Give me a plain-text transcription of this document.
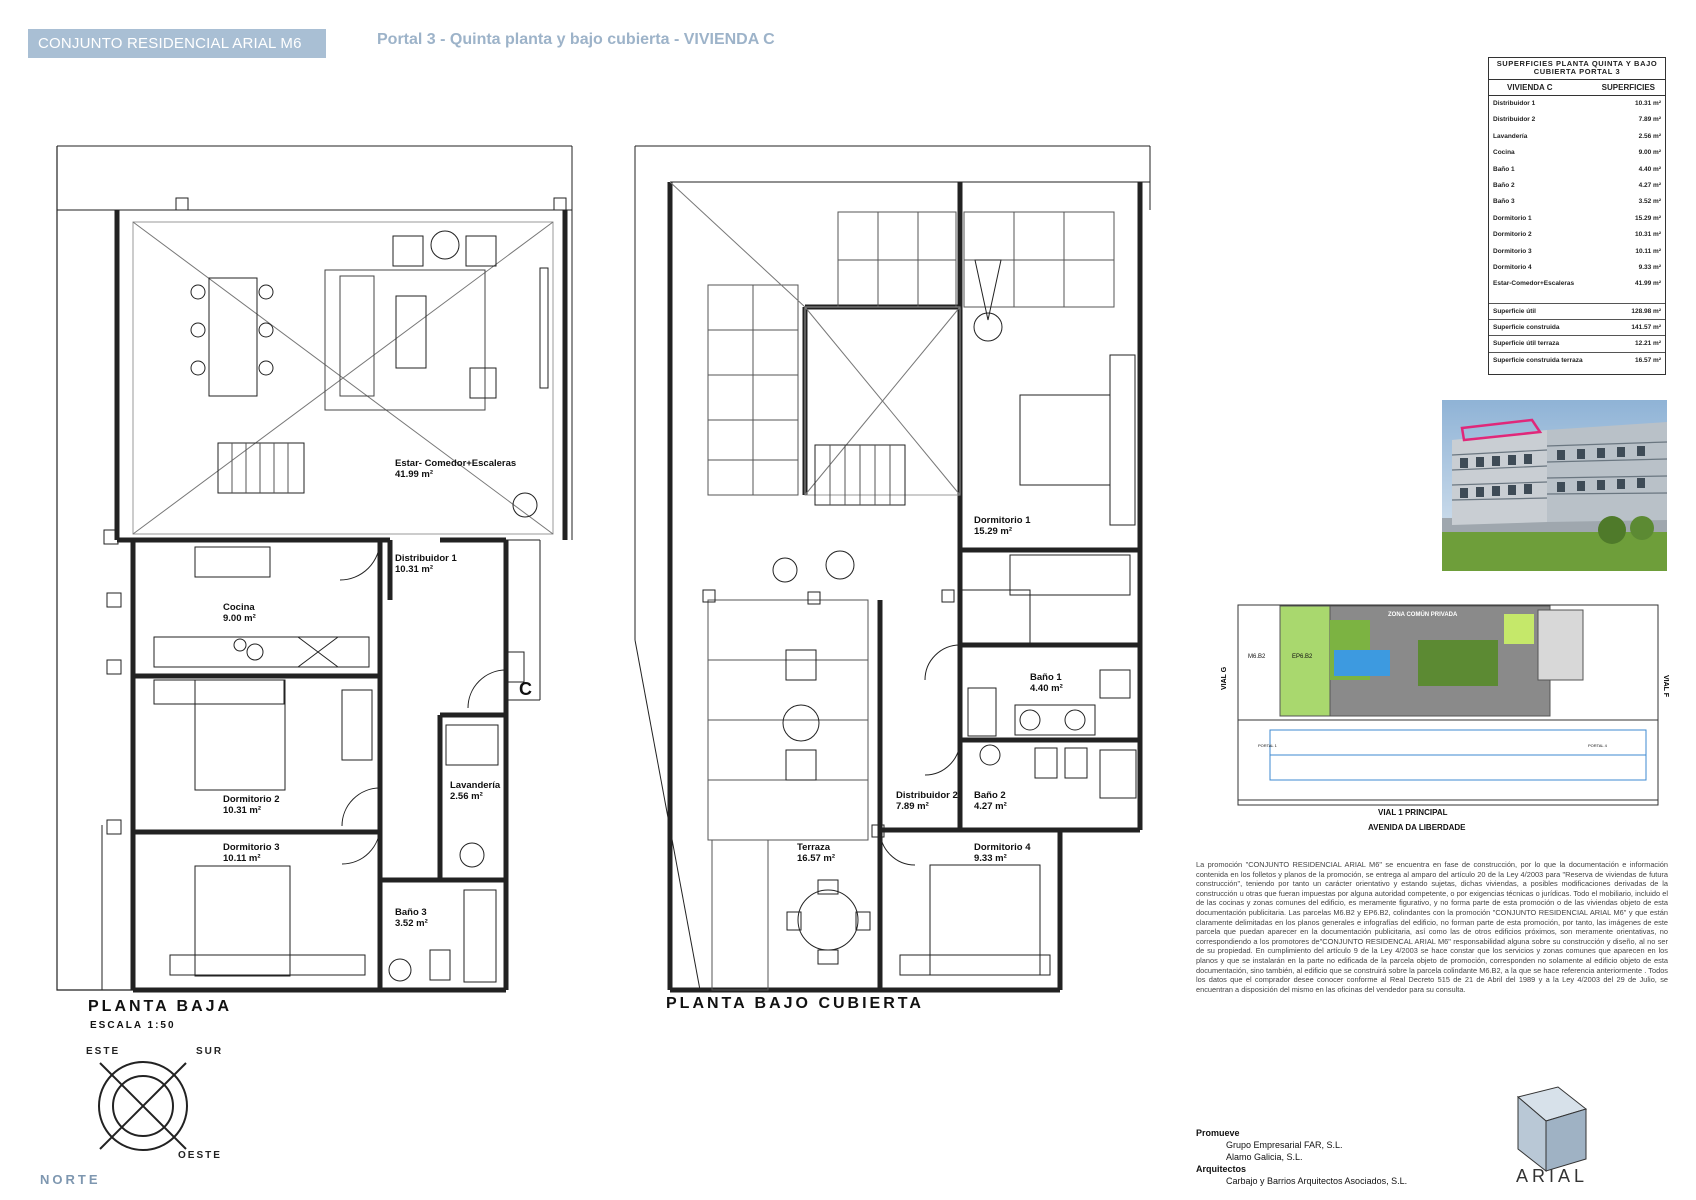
CONJUNTO RESIDENCIAL ARIAL M6	Portal 3 - Quinta planta y bajo cubierta - VIVIENDA C
C
Estar- Comedor+Escaleras
41.99 m²
Distribuidor 1
10.31 m²
Cocina
9.00 m²
Lavandería
2.56 m²
Dormitorio 2
10.31 m²
Dormitorio 3
10.11 m²
Baño 3
3.52 m²
Dormitorio 1
15.29 m²
Baño 1
4.40 m²
Baño 2
4.27 m²
Distribuidor 2
7.89 m²
Terraza
16.57 m²
Dormitorio 4
9.33 m²
PLANTA BAJA
ESCALA 1:50
PLANTA BAJO CUBIERTA
ESTE	SUR
OESTE
NORTE
SUPERFICIES PLANTA QUINTA Y BAJO CUBIERTA PORTAL 3
VIVIENDA C	SUPERFICIES
Distribuidor 1	10.31 m²
Distribuidor 2	7.89 m²
Lavandería	2.56 m²
Cocina	9.00 m²
Baño 1	4.40 m²
Baño 2	4.27 m²
Baño 3	3.52 m²
Dormitorio 1	15.29 m²
Dormitorio 2	10.31 m²
Dormitorio 3	10.11 m²
Dormitorio 4	9.33 m²
Estar-Comedor+Escaleras	41.99 m²
Superficie útil	128.98 m²
Superficie construida	141.57 m²
Superficie útil terraza	12.21 m²
Superficie construida terraza	16.57 m²
ZONA COMÚN PRIVADA
M6.B2	EP6.B2
VIAL 1 PRINCIPAL
AVENIDA DA LIBERDADE
PORTAL 1	PORTAL 4
VIAL G	VIAL F
La promoción "CONJUNTO RESIDENCIAL ARIAL M6" se encuentra en fase de construcción, por lo que la documentación e información contenida en los folletos y planos de la promoción, se entrega al amparo del artículo 20 de la Ley 4/2003 para "Reserva de viviendas de futura construcción", teniendo por tanto un carácter orientativo y estando sujetas, dichas viviendas, a posibles modificaciones derivadas de la construcción u otras que fueran impuestas por alguna autoridad competente, o por exigencias técnicas o jurídicas. Todo el mobiliario, incluido el de las cocinas y zonas comunes del edificio, es meramente figurativo, y no forma parte de esta promoción o de las viviendas objeto de esta documentación publicitaria. Las parcelas M6.B2 y EP6.B2, colindantes con la promoción "CONJUNTO RESIDENCIAL ARIAL M6" y que están claramente delimitadas en los planos generales e infografías del edificio, no forman parte de esta promoción, por tanto, las imágenes de este parcela que puedan aparecer en la documentación publicitaria, así como las de otros edificios próximos, son meramente orientativas, no correspondiendo a los promotores de"CONJUNTO RESIDENCAL ARIAL M6" responsabilidad alguna sobre su construcción y diseño, al no ser de su propiedad. En cumplimiento del artículo 9 de la Ley 4/2003 se hace constar que los servicios y zonas comunes que aparecen en los planos y que se instalarán en la parte no edificada de la parcela objeto de promoción, corresponden no solamente al edificio objeto de esta documentación, sino también, al edificio que se construirá sobre la parcela colindante M6.B2, a la que se hace referencia anteriormente . Todos los datos que el comprador desee conocer conforme al Real Decreto 515 de 21 de Abril del 1989 y a la Ley 4/2003 del 29 de Julio, se encuentran a disposición del mismo en las oficinas del vendedor para su consulta.
Promueve
Grupo Empresarial FAR, S.L.
Alamo Galicia, S.L.
Arquitectos
Carbajo y Barrios Arquitectos Asociados, S.L.	ARIAL
